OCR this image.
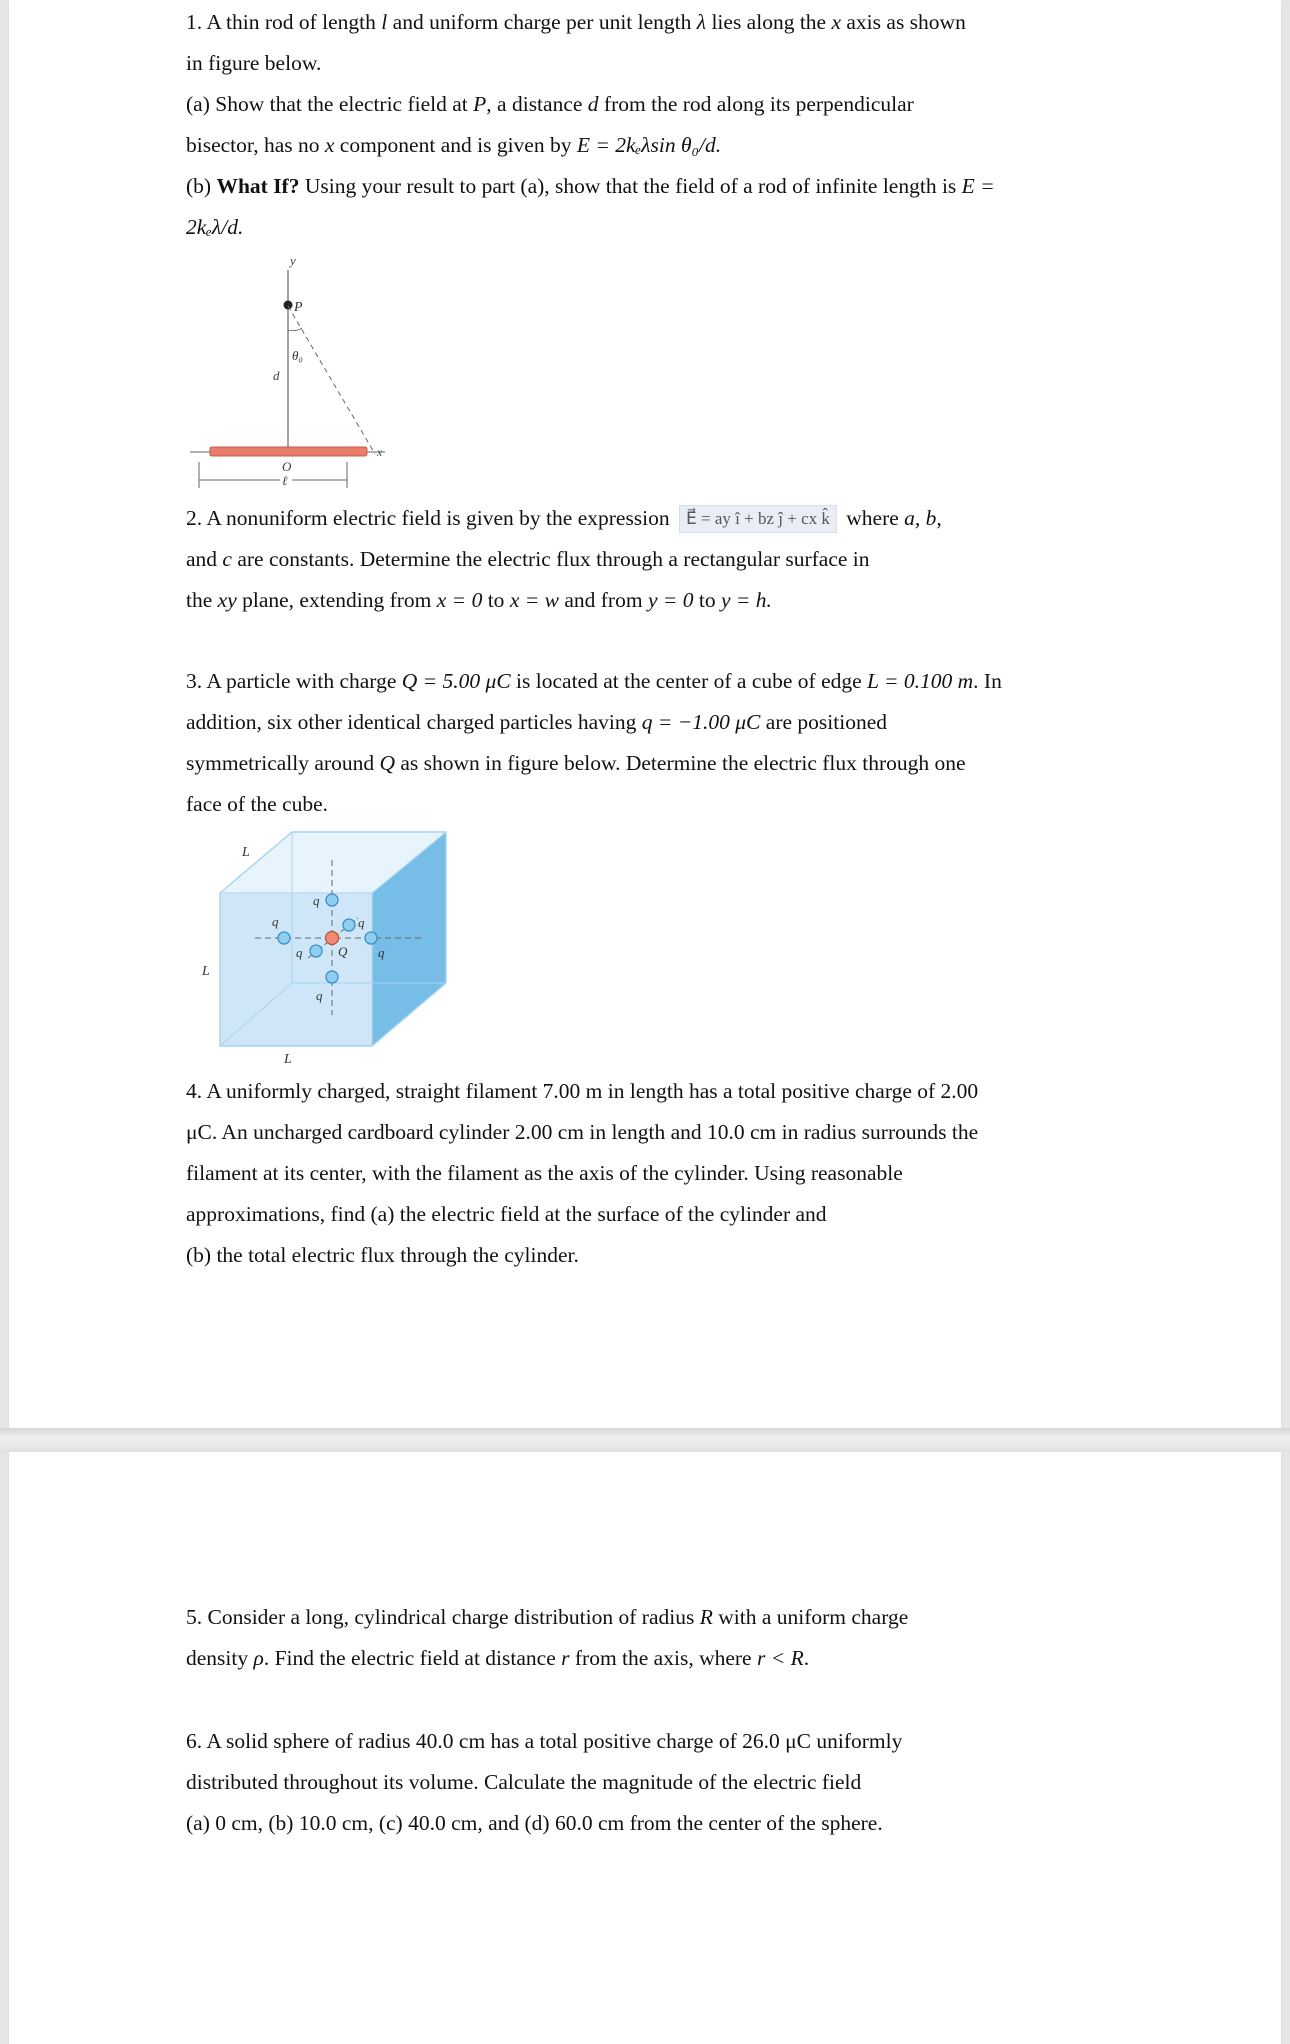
1. A thin rod of length l and uniform charge per unit length λ lies along the x axis as shown

in figure below.

(a) Show that the electric field at P, a distance d from the rod along its perpendicular

bisector, has no x component and is given by E = 2kₑλsin θ₀/d.

(b) What If? Using your result to part (a), show that the field of a rod of infinite length is E =

2kₑλ/d.

y
P
θ₀
d
x
O
ℓ

2. A nonuniform electric field is given by the expression E⃗ = ay î + bz ĵ + cx k̂ where a, b,

and c are constants. Determine the electric flux through a rectangular surface in

the xy plane, extending from x = 0 to x = w and from y = 0 to y = h.

3. A particle with charge Q = 5.00 μC is located at the center of a cube of edge L = 0.100 m. In

addition, six other identical charged particles having q = −1.00 μC are positioned

symmetrically around Q as shown in figure below. Determine the electric flux through one

face of the cube.

L
L
L
q
q	q
q	q
q
Q

4. A uniformly charged, straight filament 7.00 m in length has a total positive charge of 2.00

μC. An uncharged cardboard cylinder 2.00 cm in length and 10.0 cm in radius surrounds the

filament at its center, with the filament as the axis of the cylinder. Using reasonable

approximations, find (a) the electric field at the surface of the cylinder and

(b) the total electric flux through the cylinder.

5. Consider a long, cylindrical charge distribution of radius R with a uniform charge

density ρ. Find the electric field at distance r from the axis, where r < R.

6. A solid sphere of radius 40.0 cm has a total positive charge of 26.0 μC uniformly

distributed throughout its volume. Calculate the magnitude of the electric field

(a) 0 cm, (b) 10.0 cm, (c) 40.0 cm, and (d) 60.0 cm from the center of the sphere.
